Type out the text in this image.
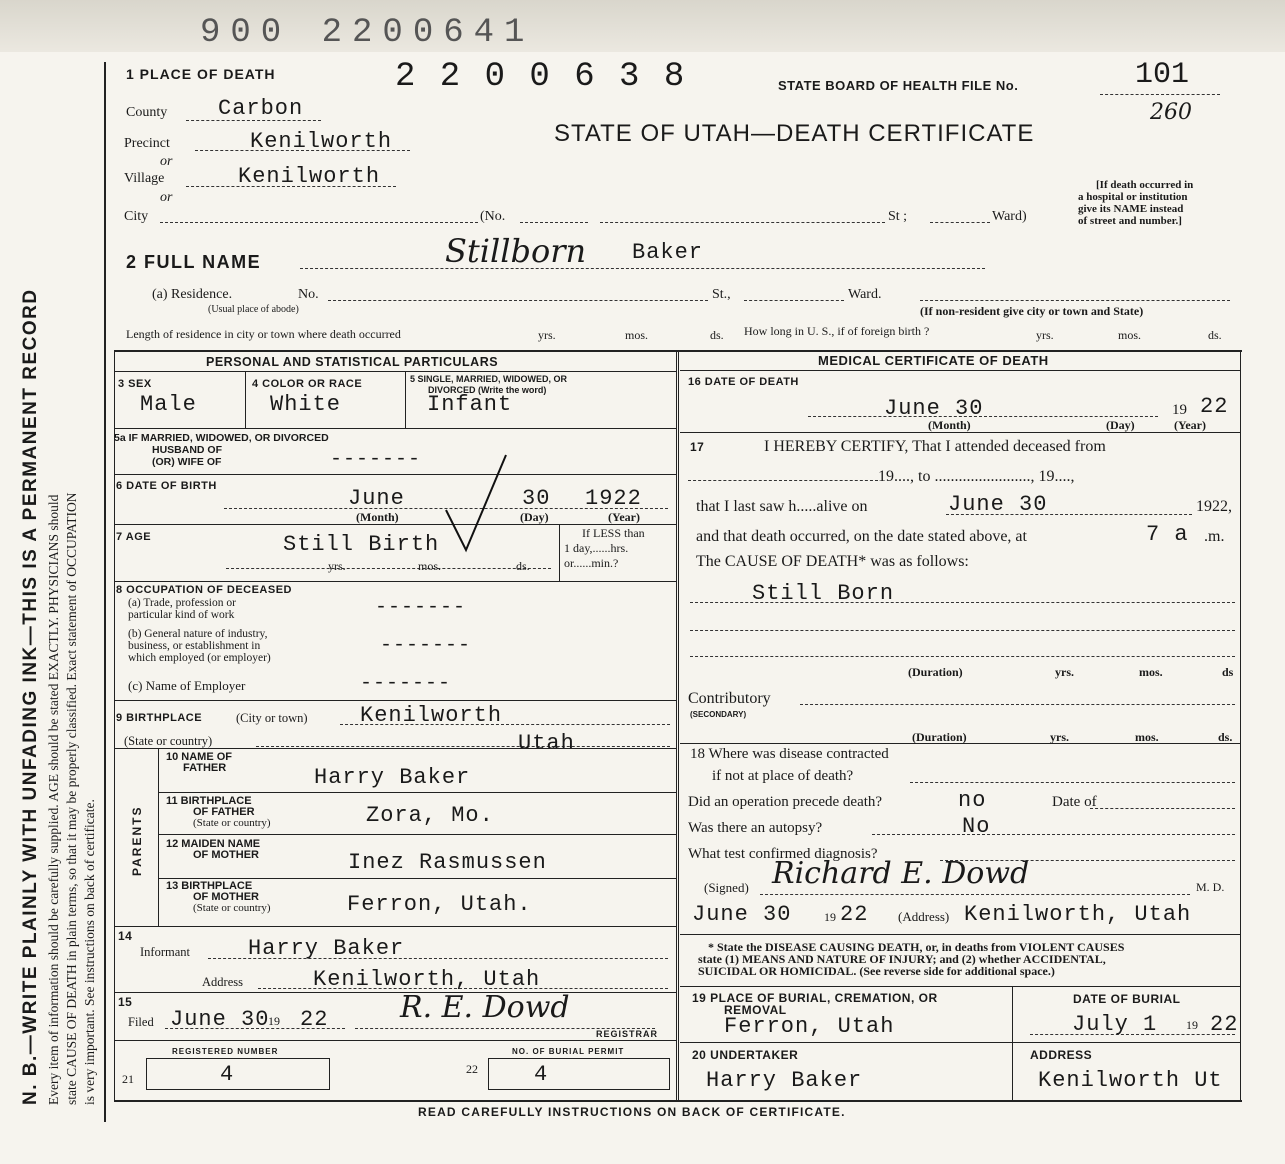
900 2200641
N. B.—WRITE PLAINLY WITH UNFADING INK—THIS IS A PERMANENT RECORD Every item of information should be carefully supplied. AGE should be stated EXACTLY. PHYSICIANS should state CAUSE OF DEATH in plain terms, so that it may be properly classified. Exact statement of OCCUPATION is very important. See instructions on back of certificate.
1 PLACE OF DEATH	2 2 0 0 6 3 8	STATE BOARD OF HEALTH FILE No.	101
260
STATE OF UTAH—DEATH CERTIFICATE
County Carbon
Precinct	Kenilworth
or
Village	Kenilworth
or
City	(No.	St ;	Ward)
[If death occurred in
a hospital or institution
give its NAME instead
of street and number.]
2 FULL NAME	Stillborn Baker
(a) Residence.	No.
(Usual place of abode)
St.,	Ward.
(If non-resident give city or town and State)
Length of residence in city or town where death occurred	yrs.	mos.	ds. How long in U. S., if of foreign birth ?	yrs.	mos.	ds.
PERSONAL AND STATISTICAL PARTICULARS
3 SEX
Male
4 COLOR OR RACE
White
5 SINGLE, MARRIED, WIDOWED, OR
DIVORCED (Write the word)
Infant
5a IF MARRIED, WIDOWED, OR DIVORCED
HUSBAND OF
(OR) WIFE OF	-------
6 DATE OF BIRTH	June	30 1922
(Month)	(Day)	(Year)
7 AGE	Still Birth
yrs.	mos.	ds.
If LESS than
1 day,......hrs.
or......min.?
8 OCCUPATION OF DECEASED
(a) Trade, profession or
particular kind of work	-------
(b) General nature of industry,
business, or establishment in
which employed (or employer)
-------
(c) Name of Employer	-------
9 BIRTHPLACE	(City or town) Kenilworth
(State or country)	Utah
PARENTS
10 NAME OF
FATHER	Harry Baker
11 BIRTHPLACE
OF FATHER
(State or country)	Zora, Mo.
12 MAIDEN NAME
OF MOTHER	Inez Rasmussen
13 BIRTHPLACE
OF MOTHER
(State or country)	Ferron, Utah.
14
Informant	Harry Baker
Address	Kenilworth, Utah
15
Filed June 30
19 22 R. E. Dowd
REGISTRAR
REGISTERED NUMBER
21	4
NO. OF BURIAL PERMIT
22	4
MEDICAL CERTIFICATE OF DEATH
16 DATE OF DEATH
June 30	19 22
(Month)	(Day)	(Year)
17	I HEREBY CERTIFY, That I attended deceased from
19...., to ........................, 19....,
that I last saw h.....alive on	June 30	1922,
and that death occurred, on the date stated above, at	7 a .m.
The CAUSE OF DEATH* was as follows:
Still Born
(Duration)	yrs.	mos.	ds
Contributory
(SECONDARY)
(Duration)	yrs.	mos.	ds.
18 Where was disease contracted
if not at place of death?
Did an operation precede death?	no	Date of
Was there an autopsy?	No
What test confirmed diagnosis?
(Signed) Richard E. Dowd	M. D.
June 30	19 22 (Address) Kenilworth, Utah
* State the DISEASE CAUSING DEATH, or, in deaths from VIOLENT CAUSES
state (1) MEANS AND NATURE OF INJURY; and (2) whether ACCIDENTAL,
SUICIDAL OR HOMICIDAL. (See reverse side for additional space.)
19 PLACE OF BURIAL, CREMATION, OR
REMOVAL
Ferron, Utah
DATE OF BURIAL
July 1 19 22
20 UNDERTAKER
Harry Baker
ADDRESS
Kenilworth Ut
READ CAREFULLY INSTRUCTIONS ON BACK OF CERTIFICATE.
